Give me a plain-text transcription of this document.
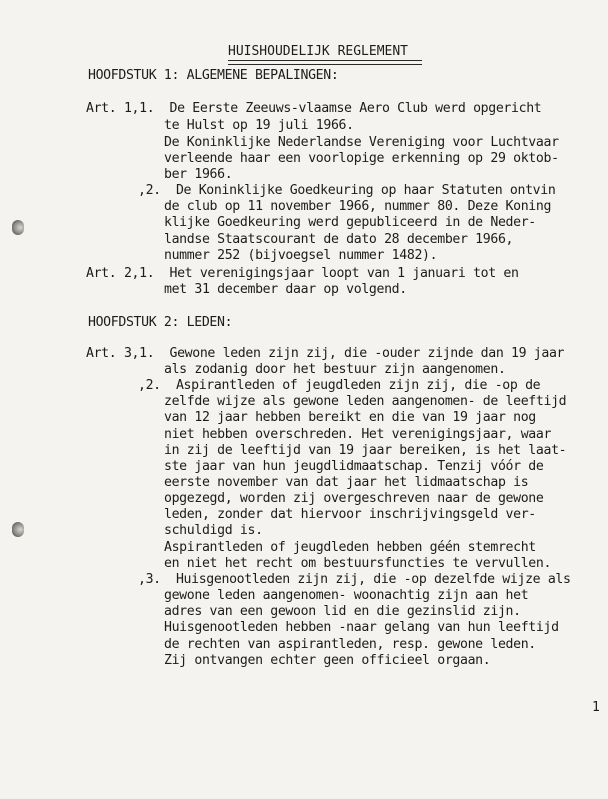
HUISHOUDELIJK REGLEMENT
HOOFDSTUK 1: ALGEMENE BEPALINGEN:
Art. 1,1.  De Eerste Zeeuws-vlaamse Aero Club werd opgericht
te Hulst op 19 juli 1966.
De Koninklijke Nederlandse Vereniging voor Luchtvaar
verleende haar een voorlopige erkenning op 29 oktob-
ber 1966.
,2.  De Koninklijke Goedkeuring op haar Statuten ontvin
de club op 11 november 1966, nummer 80. Deze Koning
klijke Goedkeuring werd gepubliceerd in de Neder-
landse Staatscourant de dato 28 december 1966,
nummer 252 (bijvoegsel nummer 1482).
Art. 2,1.  Het verenigingsjaar loopt van 1 januari tot en
met 31 december daar op volgend.
HOOFDSTUK 2: LEDEN:
Art. 3,1.  Gewone leden zijn zij, die -ouder zijnde dan 19 jaar
als zodanig door het bestuur zijn aangenomen.
,2.  Aspirantleden of jeugdleden zijn zij, die -op de
zelfde wijze als gewone leden aangenomen- de leeftijd
van 12 jaar hebben bereikt en die van 19 jaar nog
niet hebben overschreden. Het verenigingsjaar, waar
in zij de leeftijd van 19 jaar bereiken, is het laat-
ste jaar van hun jeugdlidmaatschap. Tenzij vóór de
eerste november van dat jaar het lidmaatschap is
opgezegd, worden zij overgeschreven naar de gewone
leden, zonder dat hiervoor inschrijvingsgeld ver-
schuldigd is.
Aspirantleden of jeugdleden hebben géén stemrecht
en niet het recht om bestuursfuncties te vervullen.
,3.  Huisgenootleden zijn zij, die -op dezelfde wijze als
gewone leden aangenomen- woonachtig zijn aan het
adres van een gewoon lid en die gezinslid zijn.
Huisgenootleden hebben -naar gelang van hun leeftijd
de rechten van aspirantleden, resp. gewone leden.
Zij ontvangen echter geen officieel orgaan.
1
